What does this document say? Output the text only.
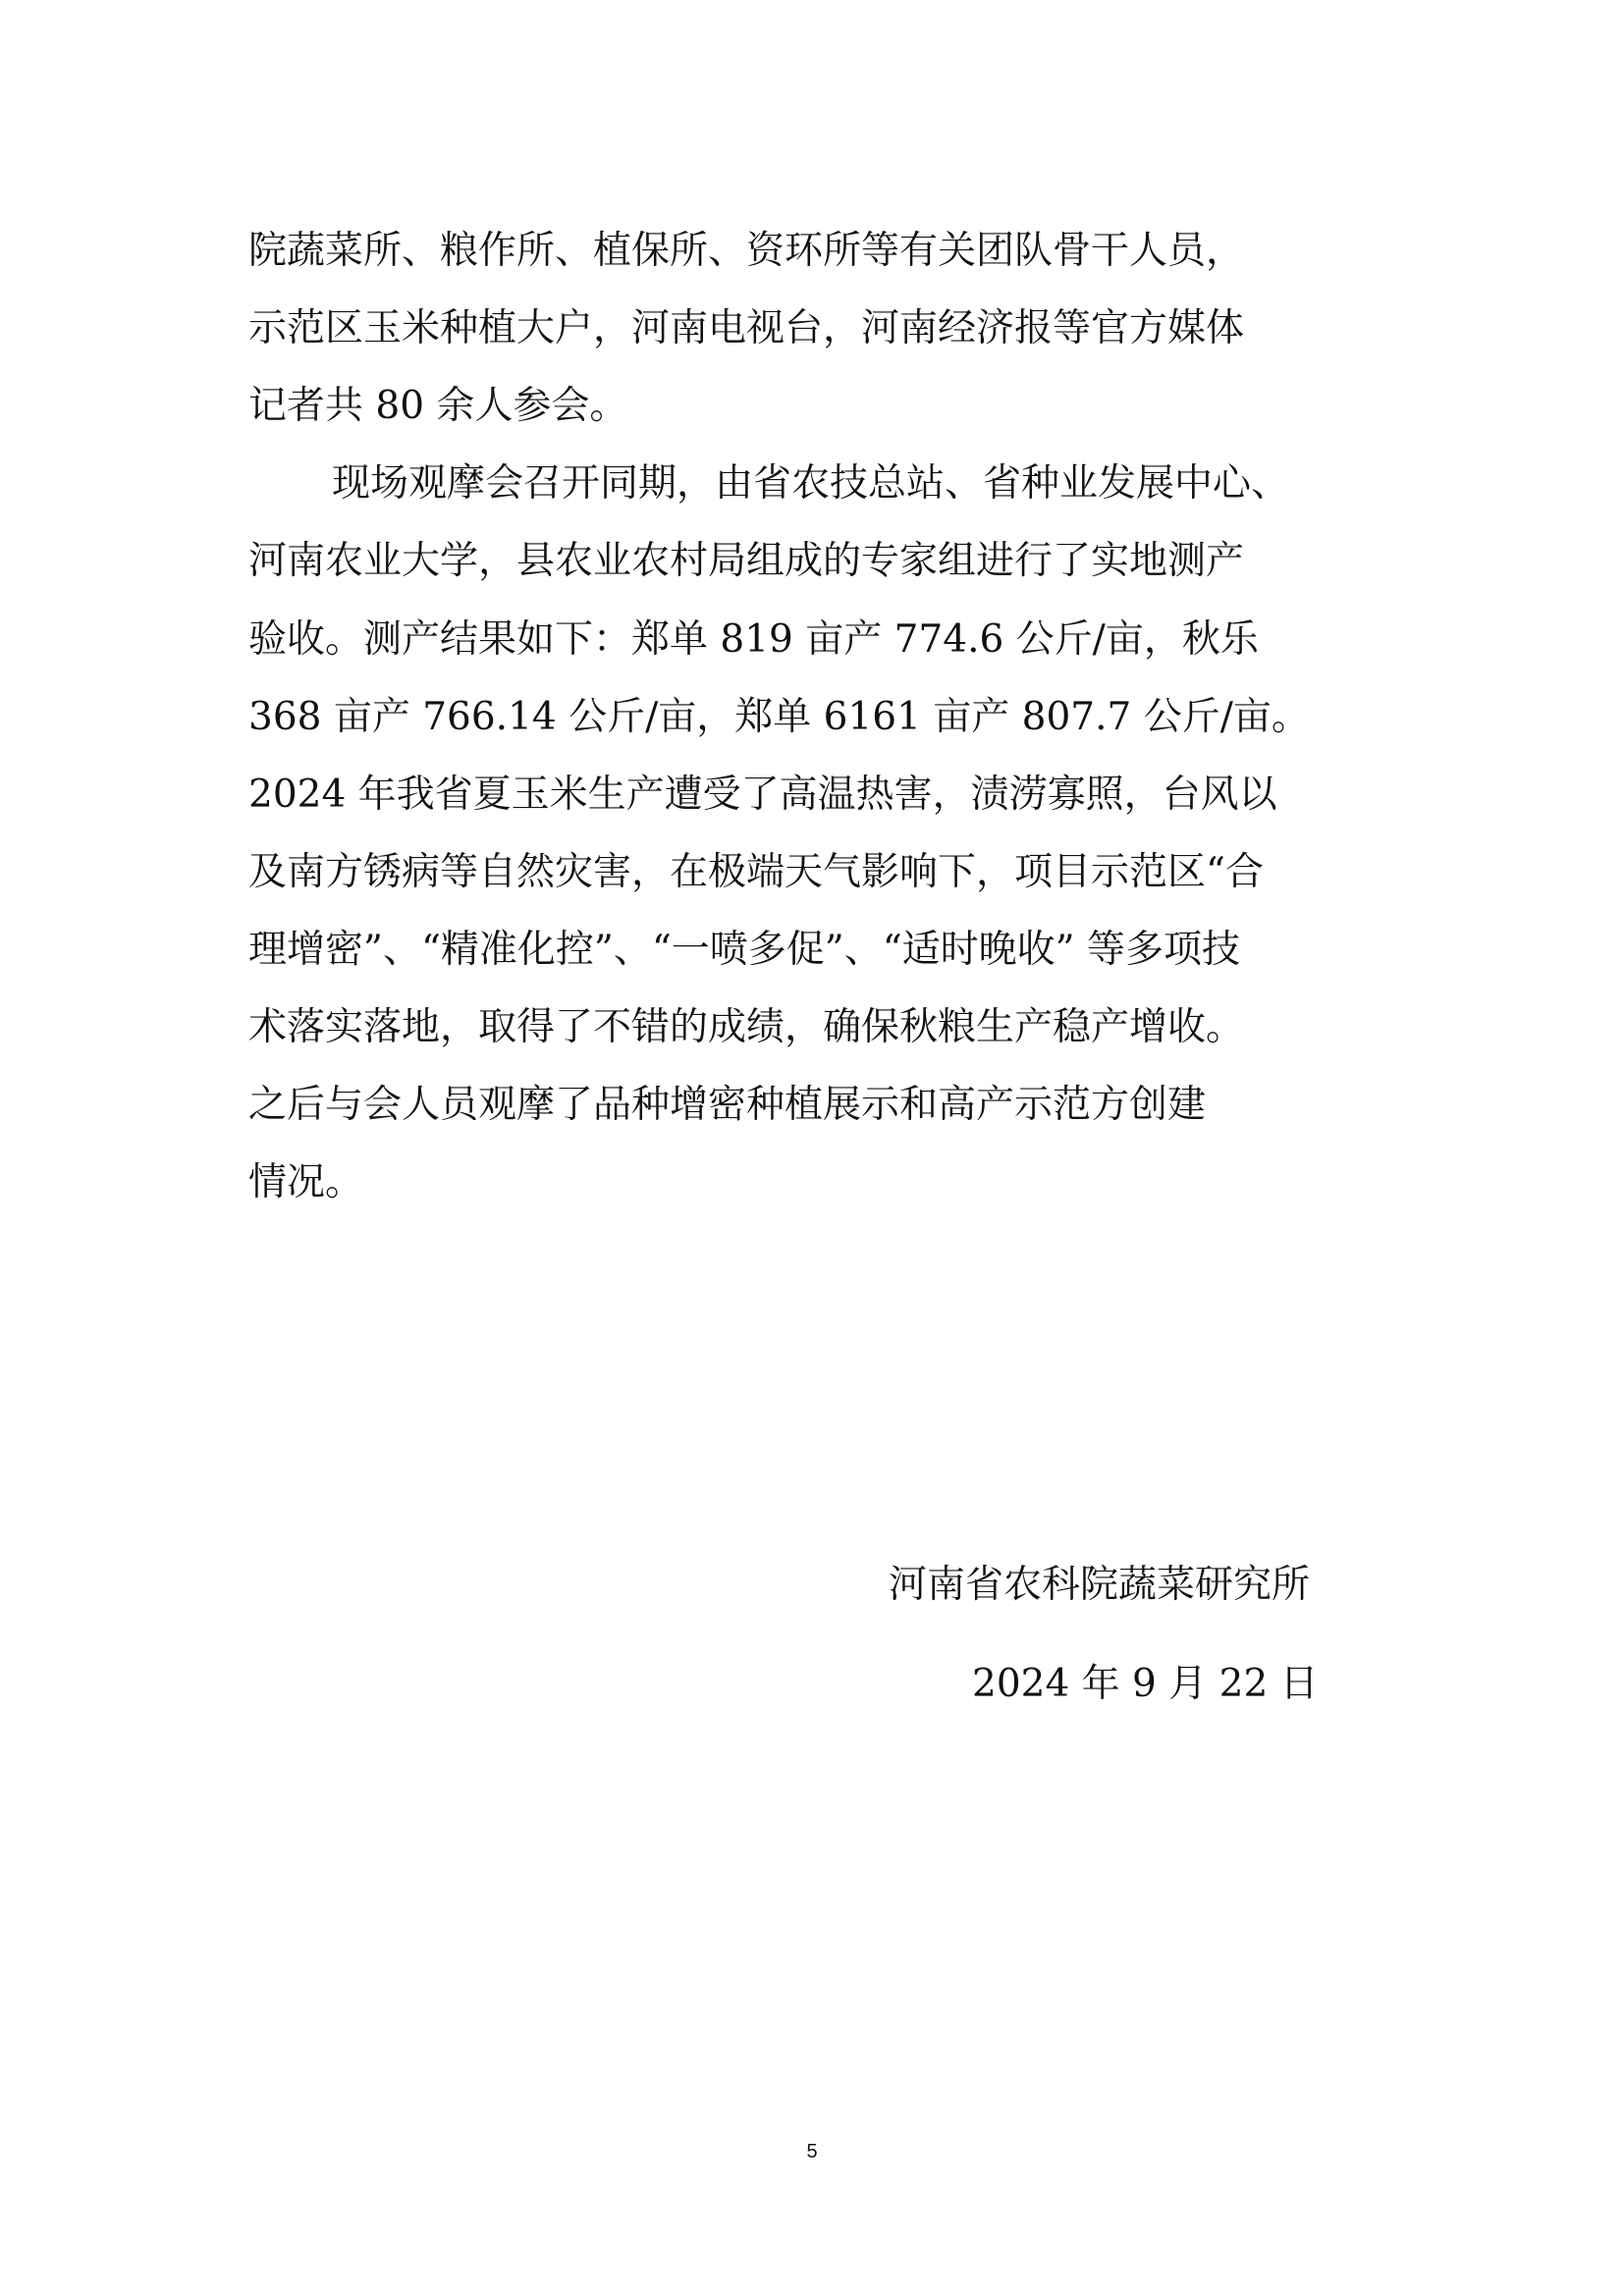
院蔬菜所、粮作所、植保所、资环所等有关团队骨干人员，
示范区玉米种植大户，河南电视台，河南经济报等官方媒体
记者共 80 余人参会。
现场观摩会召开同期，由省农技总站、省种业发展中心、
河南农业大学，县农业农村局组成的专家组进行了实地测产
验收。测产结果如下：郑单 819 亩产 774.6 公斤/亩，秋乐
368 亩产 766.14 公斤/亩，郑单 6161 亩产 807.7 公斤/亩。
2024 年我省夏玉米生产遭受了高温热害，渍涝寡照，台风以
及南方锈病等自然灾害，在极端天气影响下，项目示范区“合
理增密”、“精准化控”、“一喷多促”、“适时晚收” 等多项技
术落实落地，取得了不错的成绩，确保秋粮生产稳产增收。
之后与会人员观摩了品种增密种植展示和高产示范方创建
情况。
河南省农科院蔬菜研究所
2024 年 9 月 22 日
5
